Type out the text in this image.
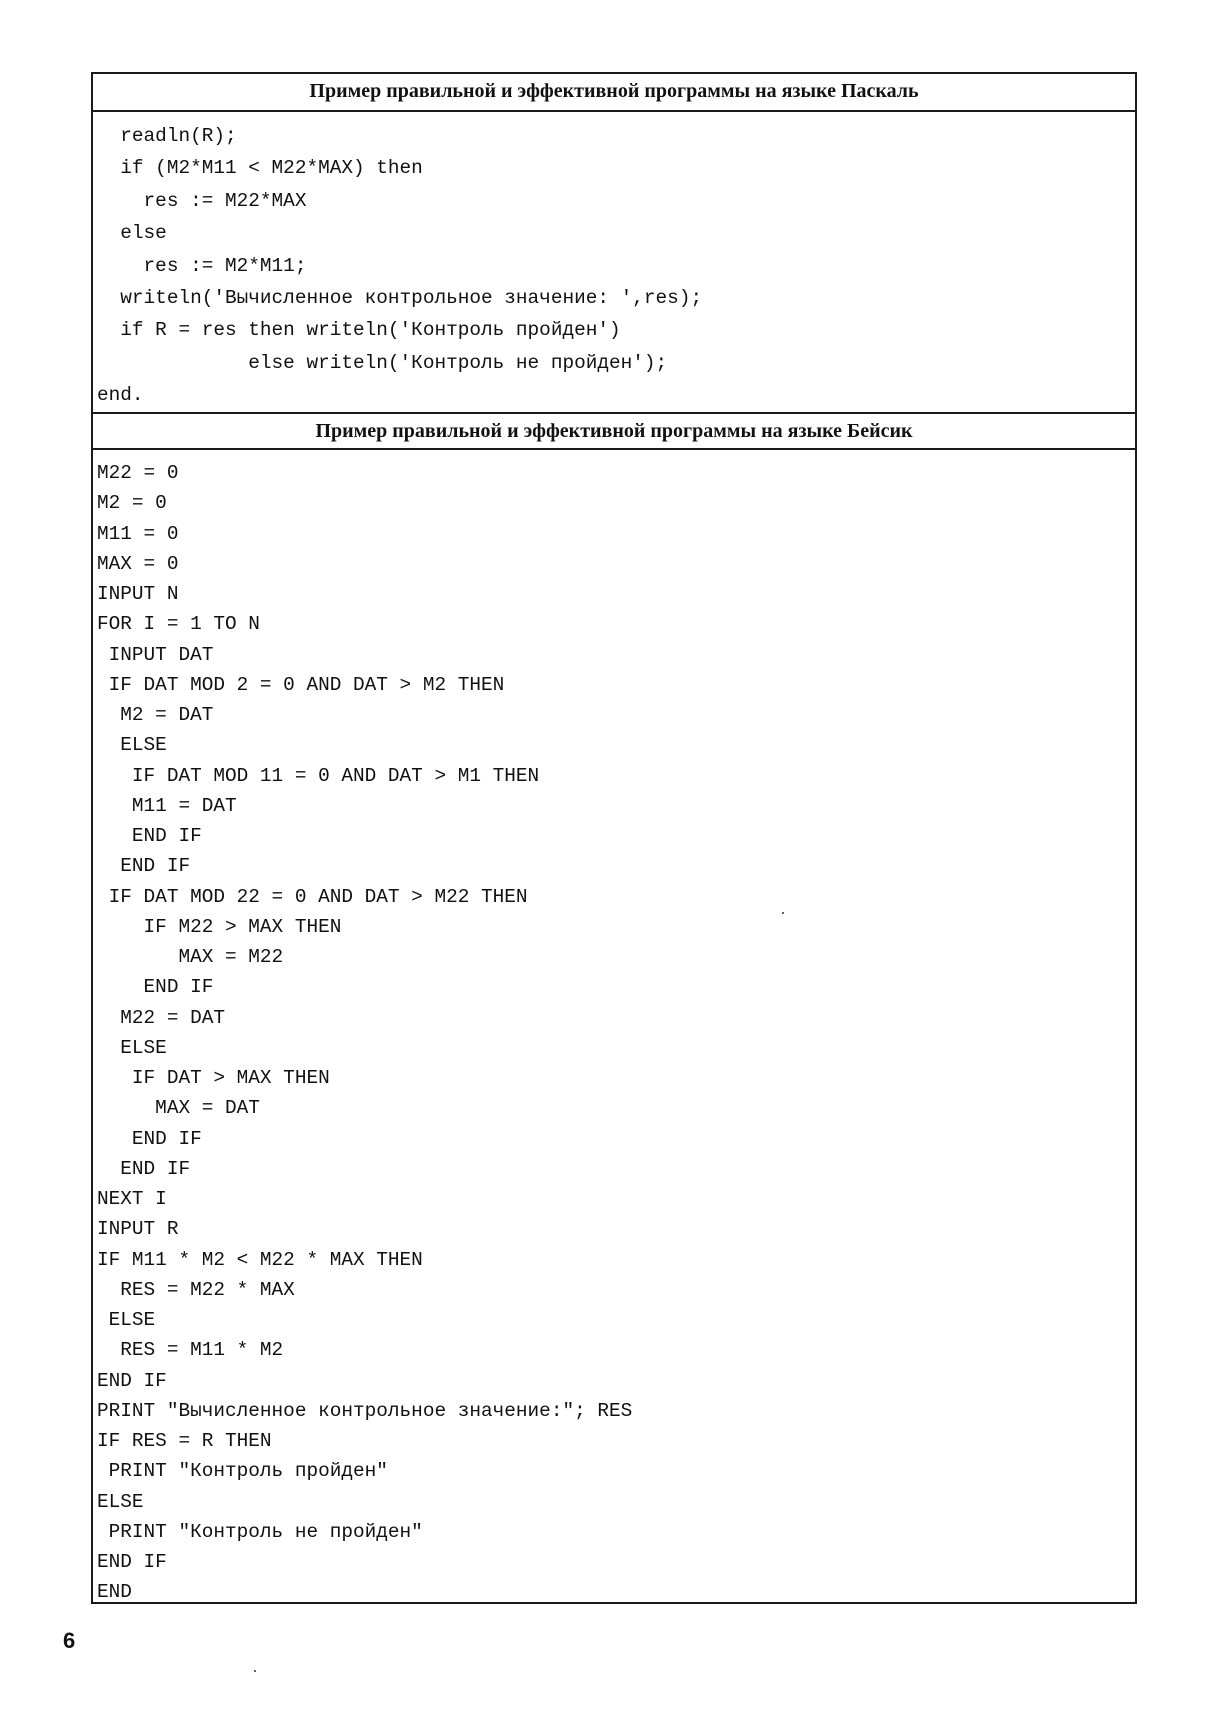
Пример правильной и эффективной программы на языке Паскаль
readln(R);
if (M2*M11 < M22*MAX) then
res := M22*MAX
else
res := M2*M11;
writeln('Вычисленное контрольное значение: ',res);
if R = res then writeln('Контроль пройден')
else writeln('Контроль не пройден');
end.
Пример правильной и эффективной программы на языке Бейсик
M22 = 0
M2 = 0
M11 = 0
MAX = 0
INPUT N
FOR I = 1 TO N
INPUT DAT
IF DAT MOD 2 = 0 AND DAT > M2 THEN
M2 = DAT
ELSE
IF DAT MOD 11 = 0 AND DAT > M1 THEN
M11 = DAT
END IF
END IF
IF DAT MOD 22 = 0 AND DAT > M22 THEN
IF M22 > MAX THEN
MAX = M22
END IF
M22 = DAT
ELSE
IF DAT > MAX THEN
MAX = DAT
END IF
END IF
NEXT I
INPUT R
IF M11 * M2 < M22 * MAX THEN
RES = M22 * MAX
ELSE
RES = M11 * M2
END IF
PRINT "Вычисленное контрольное значение:"; RES
IF RES = R THEN
PRINT "Контроль пройден"
ELSE
PRINT "Контроль не пройден"
END IF
END
6
